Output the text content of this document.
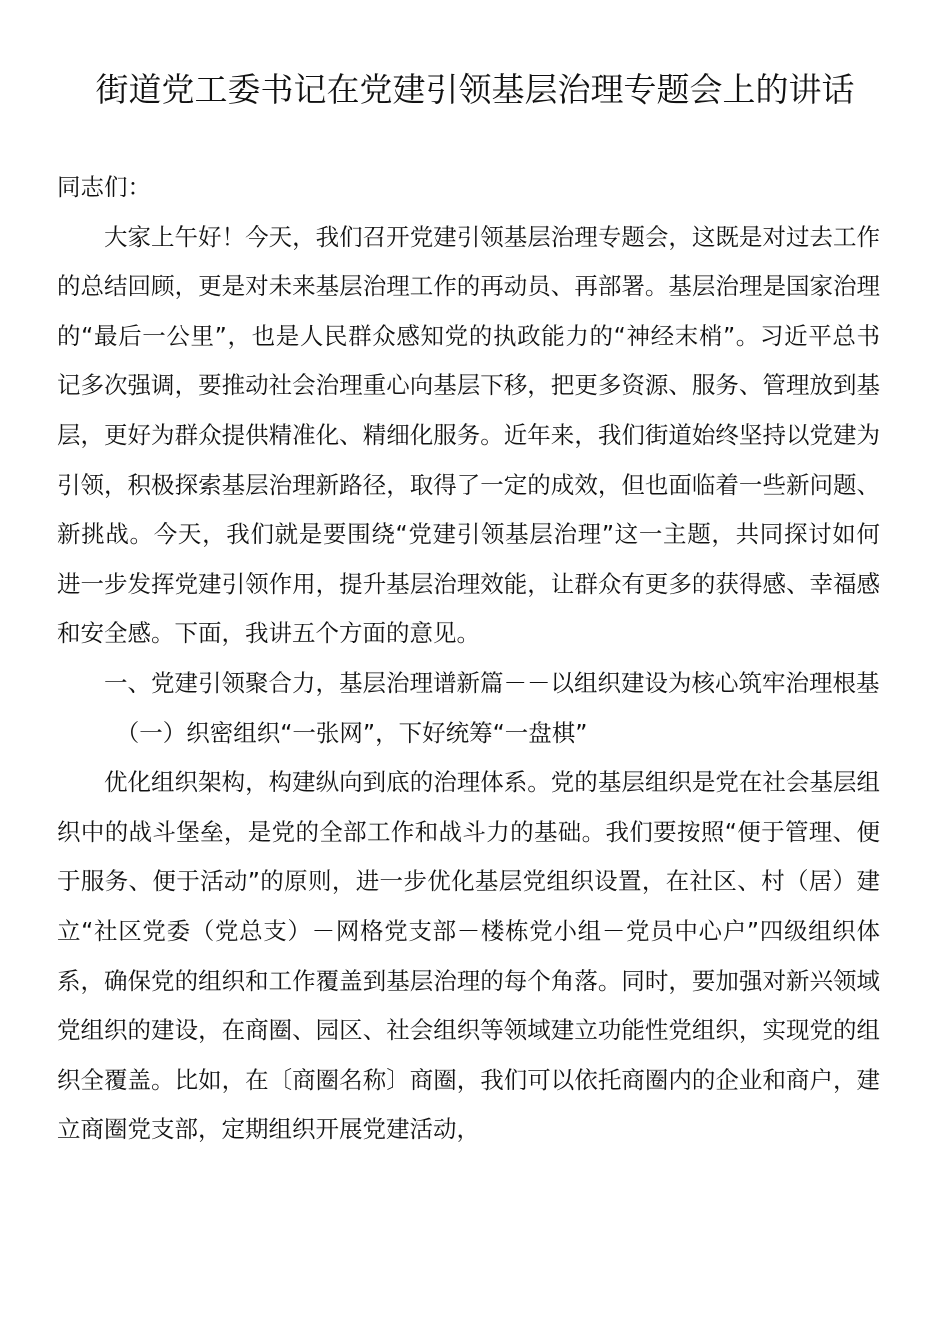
街道党工委书记在党建引领基层治理专题会上的讲话

同志们：

大家上午好！今天，我们召开党建引领基层治理专题会，这既是对过去工作的总结回顾，更是对未来基层治理工作的再动员、再部署。基层治理是国家治理的“最后一公里”，也是人民群众感知党的执政能力的“神经末梢”。习近平总书记多次强调，要推动社会治理重心向基层下移，把更多资源、服务、管理放到基层，更好为群众提供精准化、精细化服务。近年来，我们街道始终坚持以党建为引领，积极探索基层治理新路径，取得了一定的成效，但也面临着一些新问题、新挑战。今天，我们就是要围绕“党建引领基层治理”这一主题，共同探讨如何进一步发挥党建引领作用，提升基层治理效能，让群众有更多的获得感、幸福感和安全感。下面，我讲五个方面的意见。

一、党建引领聚合力，基层治理谱新篇－－以组织建设为核心筑牢治理根基

（一）织密组织“一张网”，下好统筹“一盘棋”

优化组织架构，构建纵向到底的治理体系。党的基层组织是党在社会基层组织中的战斗堡垒，是党的全部工作和战斗力的基础。我们要按照“便于管理、便于服务、便于活动”的原则，进一步优化基层党组织设置，在社区、村（居）建立“社区党委（党总支）－网格党支部－楼栋党小组－党员中心户”四级组织体系，确保党的组织和工作覆盖到基层治理的每个角落。同时，要加强对新兴领域党组织的建设，在商圈、园区、社会组织等领域建立功能性党组织，实现党的组织全覆盖。比如，在〔商圈名称〕商圈，我们可以依托商圈内的企业和商户，建立商圈党支部，定期组织开展党建活动，
